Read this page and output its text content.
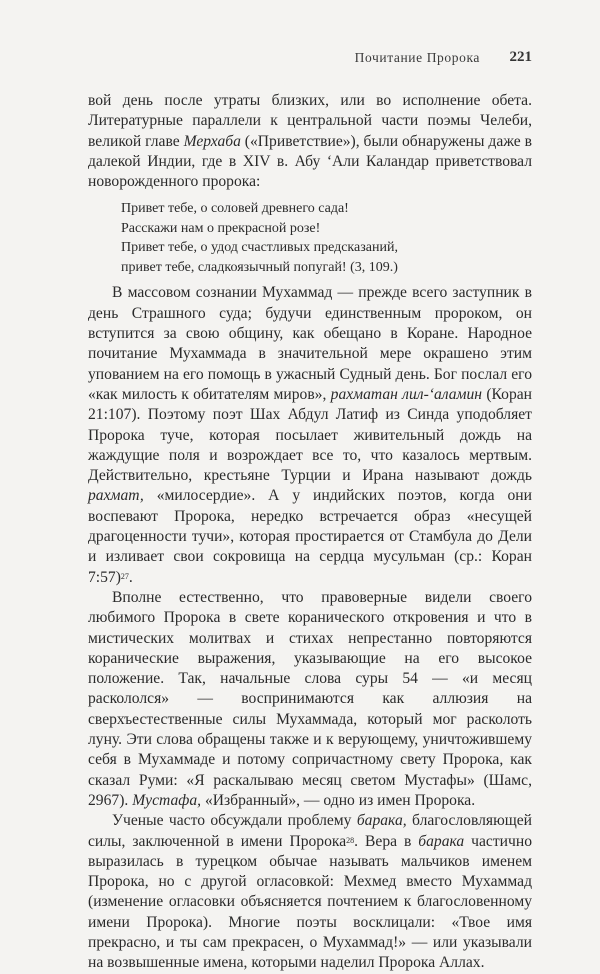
Почитание Пророка 221

вой день после утраты близких, или во исполнение обета. Литературные параллели к центральной части поэмы Челеби, великой главе Мерхаба («Приветствие»), были обнаружены даже в далекой Индии, где в XIV в. Абу ‘Али Каландар приветствовал новорожденного пророка:

Привет тебе, о соловей древнего сада!
Расскажи нам о прекрасной розе!
Привет тебе, о удод счастливых предсказаний,
привет тебе, сладкоязычный попугай! (3, 109.)

В массовом сознании Мухаммад — прежде всего заступник в день Страшного суда; будучи единственным пророком, он вступится за свою общину, как обещано в Коране. Народное почитание Мухаммада в значительной мере окрашено этим упованием на его помощь в ужасный Судный день. Бог послал его «как милость к обитателям миров», рахматан лил-‘аламин (Коран 21:107). Поэтому поэт Шах Абдул Латиф из Синда уподобляет Пророка туче, которая посылает живительный дождь на жаждущие поля и возрождает все то, что казалось мертвым. Действительно, крестьяне Турции и Ирана называют дождь рахмат, «милосердие». А у индийских поэтов, когда они воспевают Пророка, нередко встречается образ «несущей драгоценности тучи», которая простирается от Стамбула до Дели и изливает свои сокровища на сердца мусульман (ср.: Коран 7:57)$^{27}$.

Вполне естественно, что правоверные видели своего любимого Пророка в свете коранического откровения и что в мистических молитвах и стихах непрестанно повторяются коранические выражения, указывающие на его высокое положение. Так, начальные слова суры 54 — «и месяц раскололся» — воспринимаются как аллюзия на сверхъестественные силы Мухаммада, который мог расколоть луну. Эти слова обращены также и к верующему, уничтожившему себя в Мухаммаде и потому сопричастному свету Пророка, как сказал Руми: «Я раскалываю месяц светом Мустафы» (Шамс, 2967). Мустафа, «Избранный», — одно из имен Пророка.

Ученые часто обсуждали проблему барака, благословляющей силы, заключенной в имени Пророка$^{28}$. Вера в барака частично выразилась в турецком обычае называть мальчиков именем Пророка, но с другой огласовкой: Мехмед вместо Мухаммад (изменение огласовки объясняется почтением к благословенному имени Пророка). Многие поэты восклицали: «Твое имя прекрасно, и ты сам прекрасен, о Мухаммад!» — или указывали на возвышенные имена, которыми наделил Пророка Аллах.
